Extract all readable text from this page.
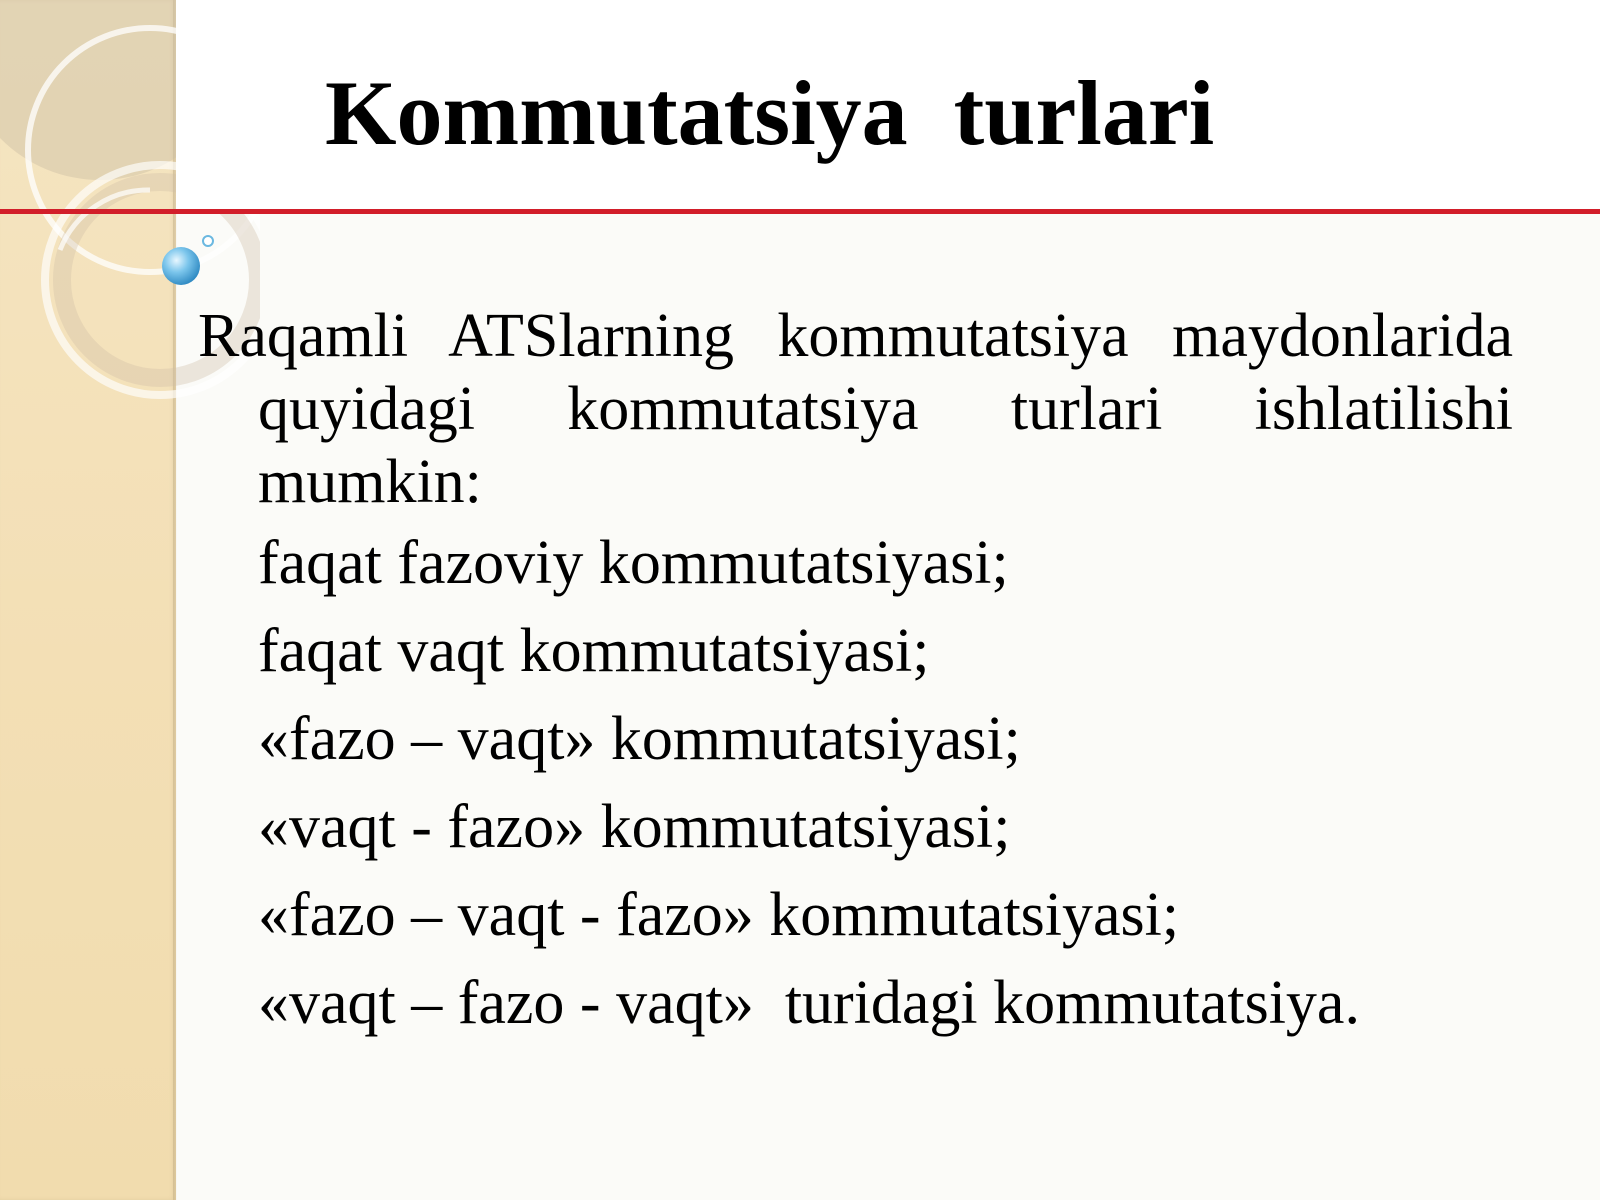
Kommutatsiya  turlari

Raqamli ATSlarning kommutatsiya maydonlarida quyidagi kommutatsiya turlari ishlatilishi mumkin:

faqat fazoviy kommutatsiyasi;
faqat vaqt kommutatsiyasi;
«fazo – vaqt» kommutatsiyasi;
«vaqt - fazo» kommutatsiyasi;
«fazo – vaqt - fazo» kommutatsiyasi;
«vaqt – fazo - vaqt»  turidagi kommutatsiya.
